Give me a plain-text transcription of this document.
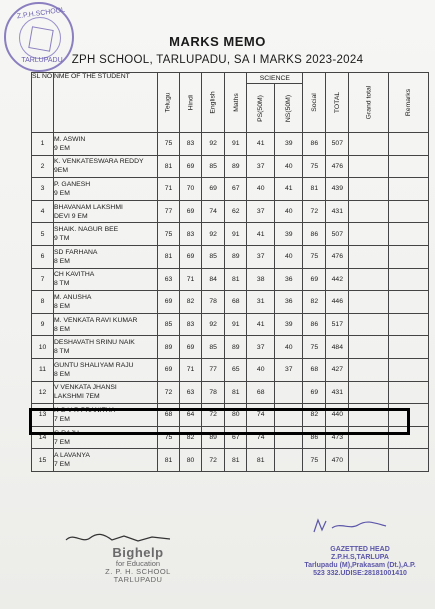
Z.P.H.SCHOOL
TARLUPADU
MARKS MEMO
ZPH SCHOOL, TARLUPADU, SA I MARKS 2023-2024
SL NO	NME OF THE STUDENT	Telugu	Hindi	English	Maths	SCIENCE		Social	TOTAL	Grand total	Remarks
						PS(50M)	NS(50M)				
1	M. ASWIN
9 EM	75	83	92	91	41	39	86	507		
2	K. VENKATESWARA REDDY
9EM	81	69	85	89	37	40	75	476		
3	P. GANESH
9 EM	71	70	69	67	40	41	81	439		
4	BHAVANAM LAKSHMI
DEVI 9 EM	77	69	74	62	37	40	72	431		
5	SHAIK. NAGUR BEE
9 TM	75	83	92	91	41	39	86	507		
6	SD FARHANA
8 EM	81	69	85	89	37	40	75	476		
7	CH KAVITHA
8 TM	63	71	84	81	38	36	69	442		
8	M. ANUSHA
8 EM	69	82	78	68	31	36	82	446		
9	M. VENKATA RAVI KUMAR
8 EM	85	83	92	91	41	39	86	517		
10	DESHAVATH SRINU NAIK
8 TM	89	69	85	89	37	40	75	484		
11	GUNTU SHALIYAM RAJU
8 EM	69	71	77	65	40	37	68	427		
12	V VENKATA JHANSI
LAKSHMI 7EM	72	63	78	81	68		69	431		
13	K G V R PRANITHA
7 EM	68	64	72	80	74		82	440		
14	G RAJU
7 EM	75	82	89	67	74		86	473		
15	A LAVANYA
7 EM	81	80	72	81	81		75	470		
Bighelp
for Education
Z. P. H. SCHOOL
TARLUPADU
GAZETTED HEAD
Z.P.H.S,TARLUPA
Tarlupadu (M),Prakasam (Dt.),A.P.
523 332.UDISE:28181001410
